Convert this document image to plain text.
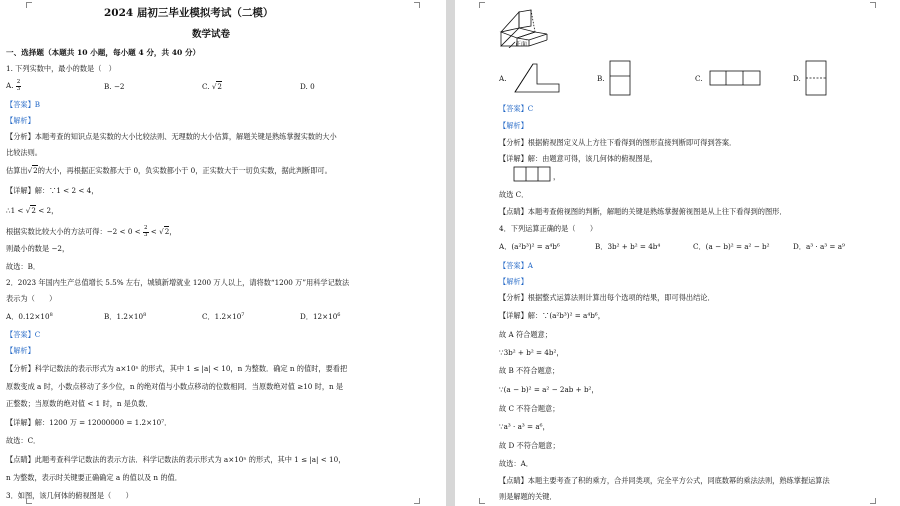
2024 届初三毕业模拟考试（二模）
数学试卷
一、选择题（本题共 10 小题，每小题 4 分，共 40 分）
1. 下列实数中，最小的数是（　）
A. $\frac{2}{3}$	B. −2	C. √2	D. 0
【答案】B
【解析】
【分析】本题考查的知识点是实数的大小比较法则、无理数的大小估算，解题关键是熟练掌握实数的大小
比较法则。
估算出√2的大小，再根据正实数都大于 0，负实数都小于 0，正实数大于一切负实数，据此判断即可。
【详解】解：∵1 < 2 < 4，
∴1 < √2 < 2，
根据实数比较大小的方法可得：$-2 < 0 < \frac{2}{3} < √2$，
则最小的数是 −2，
故选：B．
2．2023 年国内生产总值增长 5.5% 左右，城镇新增就业 1200 万人以上，请将数“1200 万”用科学记数法
表示为（　　）
A．$0.12\times 10^8$	B．$1.2\times 10^8$	C．$1.2\times 10^7$	D．$12\times 10^6$
【答案】C
【解析】
【分析】科学记数法的表示形式为 a×10ⁿ 的形式，其中 1 ≤ |a| < 10，n 为整数．确定 n 的值时，要看把
原数变成 a 时，小数点移动了多少位，n 的绝对值与小数点移动的位数相同．当原数绝对值 ≥10 时，n 是
正整数；当原数的绝对值 < 1 时，n 是负数．
【详解】解：1200 万 = 12000000 = 1.2×10⁷．
故选：C．
【点睛】此题考查科学记数法的表示方法．科学记数法的表示形式为 a×10ⁿ 的形式，其中 1 ≤ |a| < 10，
n 为整数，表示时关键要正确确定 a 的值以及 n 的值．
3．如图，该几何体的俯视图是（　　）
正面
A.	B.	C.	D.
【答案】C
【解析】
【分析】根据俯视图定义从上方往下看得到的图形直接判断即可得到答案．
【详解】解：由题意可得，该几何体的俯视图是，
，
故选 C．
【点睛】本题考查俯视图的判断，解题的关键是熟练掌握俯视图是从上往下看得到的图形．
4．下列运算正确的是（　　）
A．(a²b³)² = a⁴b⁶	B．3b² + b² = 4b⁴	C．(a − b)² = a² − b²	D．a³ · a³ = a⁹
【答案】A
【解析】
【分析】根据整式运算法则计算出每个选项的结果，即可得出结论．
【详解】解：∵(a²b³)² = a⁴b⁶，
故 A 符合题意；
∵3b² + b² = 4b²，
故 B 不符合题意；
∵(a − b)² = a² − 2ab + b²，
故 C 不符合题意；
∵a³ · a³ = a⁶，
故 D 不符合题意；
故选：A．
【点睛】本题主要考查了积的乘方，合并同类项，完全平方公式，同底数幂的乘法法则，熟练掌握运算法
则是解题的关键．
